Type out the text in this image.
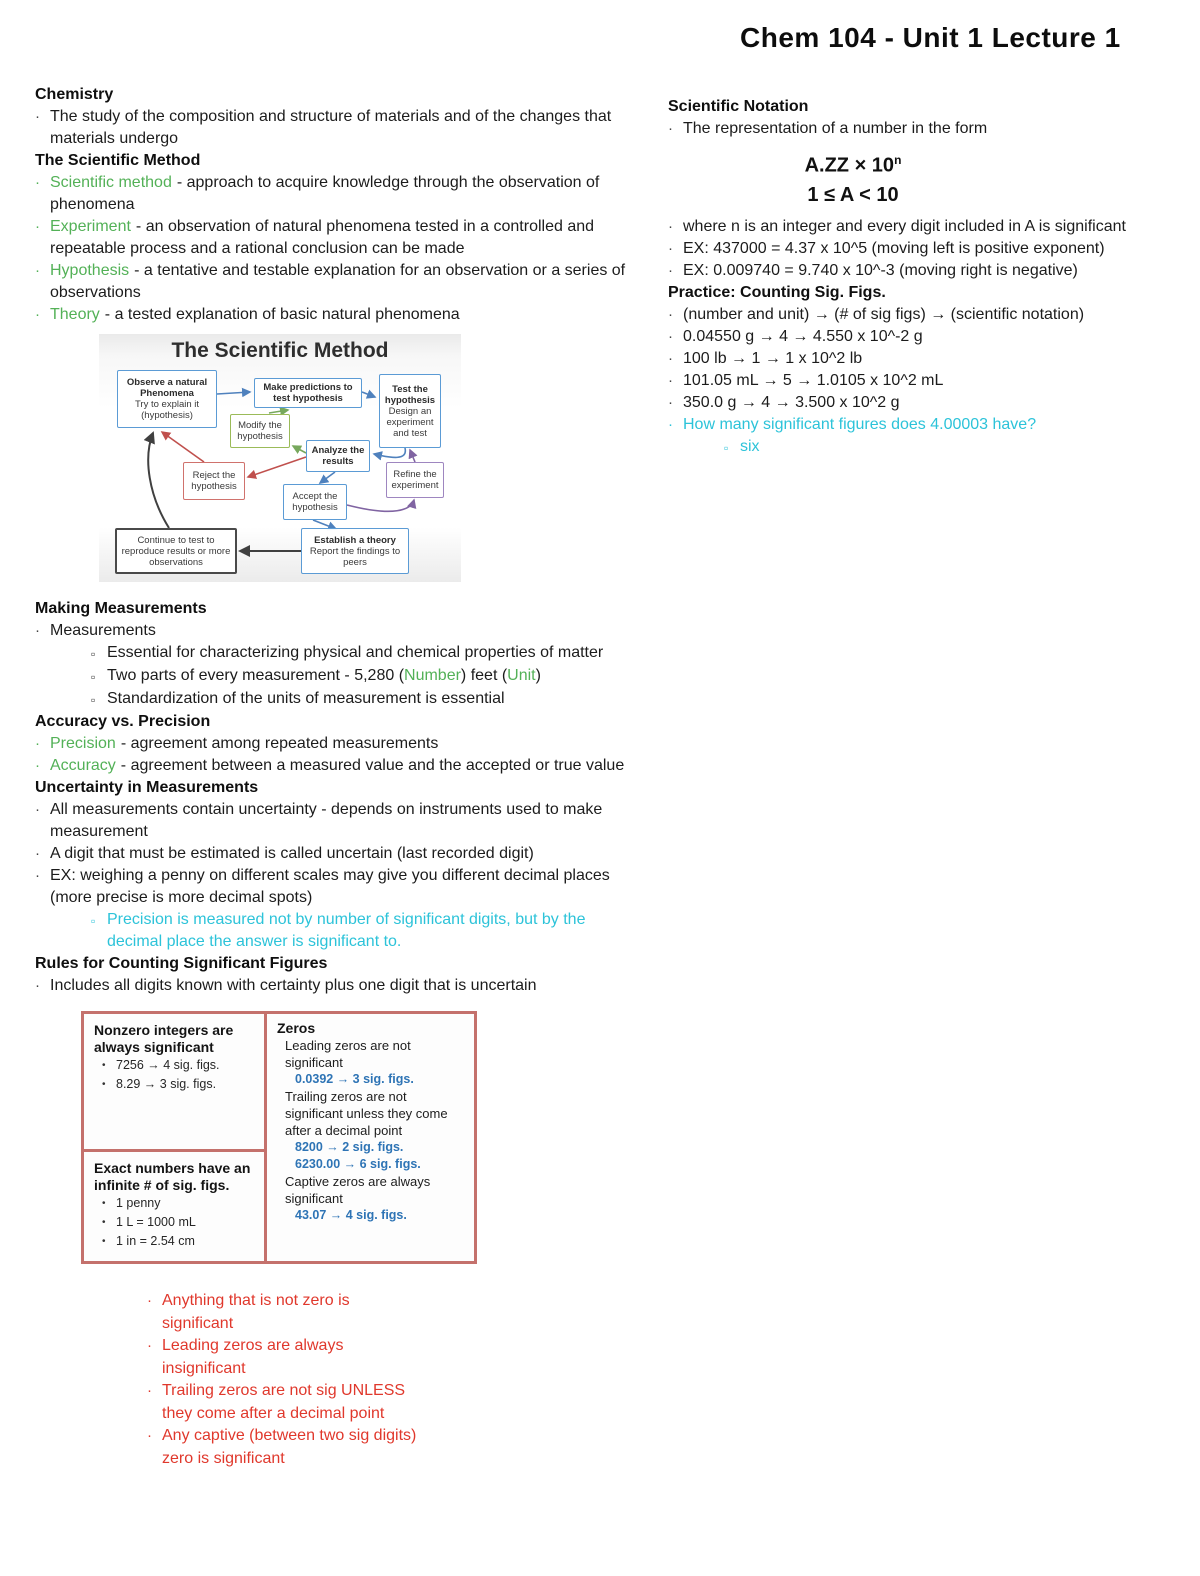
Chem 104 - Unit 1 Lecture 1
Chemistry
· The study of the composition and structure of materials and of the changes that materials undergo
The Scientific Method
· Scientific method - approach to acquire knowledge through the observation of phenomena
· Experiment - an observation of natural phenomena tested in a controlled and repeatable process and a rational conclusion can be made
· Hypothesis - a tentative and testable explanation for an observation or a series of observations
· Theory - a tested explanation of basic natural phenomena
The Scientific Method
Observe a natural Phenomena
Try to explain it (hypothesis)
Make predictions to test hypothesis
Test the hypothesis
Design an experiment and test
Modify the hypothesis
Analyze the results
Reject the hypothesis
Refine the experiment
Accept the hypothesis
Continue to test to reproduce results or more observations
Establish a theory
Report the findings to peers
Making Measurements
· Measurements
▫ Essential for characterizing physical and chemical properties of matter
▫ Two parts of every measurement - 5,280 (Number) feet (Unit)
▫ Standardization of the units of measurement is essential
Accuracy vs. Precision
· Precision - agreement among repeated measurements
· Accuracy - agreement between a measured value and the accepted or true value
Uncertainty in Measurements
· All measurements contain uncertainty - depends on instruments used to make measurement
· A digit that must be estimated is called uncertain (last recorded digit)
· EX: weighing a penny on different scales may give you different decimal places (more precise is more decimal spots)
▫ Precision is measured not by number of significant digits, but by the decimal place the answer is significant to.
Rules for Counting Significant Figures
· Includes all digits known with certainty plus one digit that is uncertain
Nonzero integers are always significant
• 7256 → 4 sig. figs.
• 8.29 → 3 sig. figs.
Exact numbers have an infinite # of sig. figs.
• 1 penny
• 1 L = 1000 mL
• 1 in = 2.54 cm
Zeros
Leading zeros are not significant
0.0392 → 3 sig. figs.
Trailing zeros are not significant unless they come after a decimal point
8200 → 2 sig. figs.
6230.00 → 6 sig. figs.
Captive zeros are always significant
43.07 → 4 sig. figs.
· Anything that is not zero is significant
· Leading zeros are always insignificant
· Trailing zeros are not sig UNLESS they come after a decimal point
· Any captive (between two sig digits) zero is significant
Scientific Notation
· The representation of a number in the form
$A.ZZ \times 10^n$
1 ≤ A < 10
· where n is an integer and every digit included in A is significant
· EX: 437000 = 4.37 x 10^5 (moving left is positive exponent)
· EX: 0.009740 = 9.740 x 10^-3 (moving right is negative)
Practice: Counting Sig. Figs.
· (number and unit) → (# of sig figs) → (scientific notation)
· 0.04550 g → 4 → 4.550 x 10^-2 g
· 100 lb → 1 → 1 x 10^2 lb
· 101.05 mL → 5 → 1.0105 x 10^2 mL
· 350.0 g → 4 → 3.500 x 10^2 g
· How many significant figures does 4.00003 have?
▫ six
